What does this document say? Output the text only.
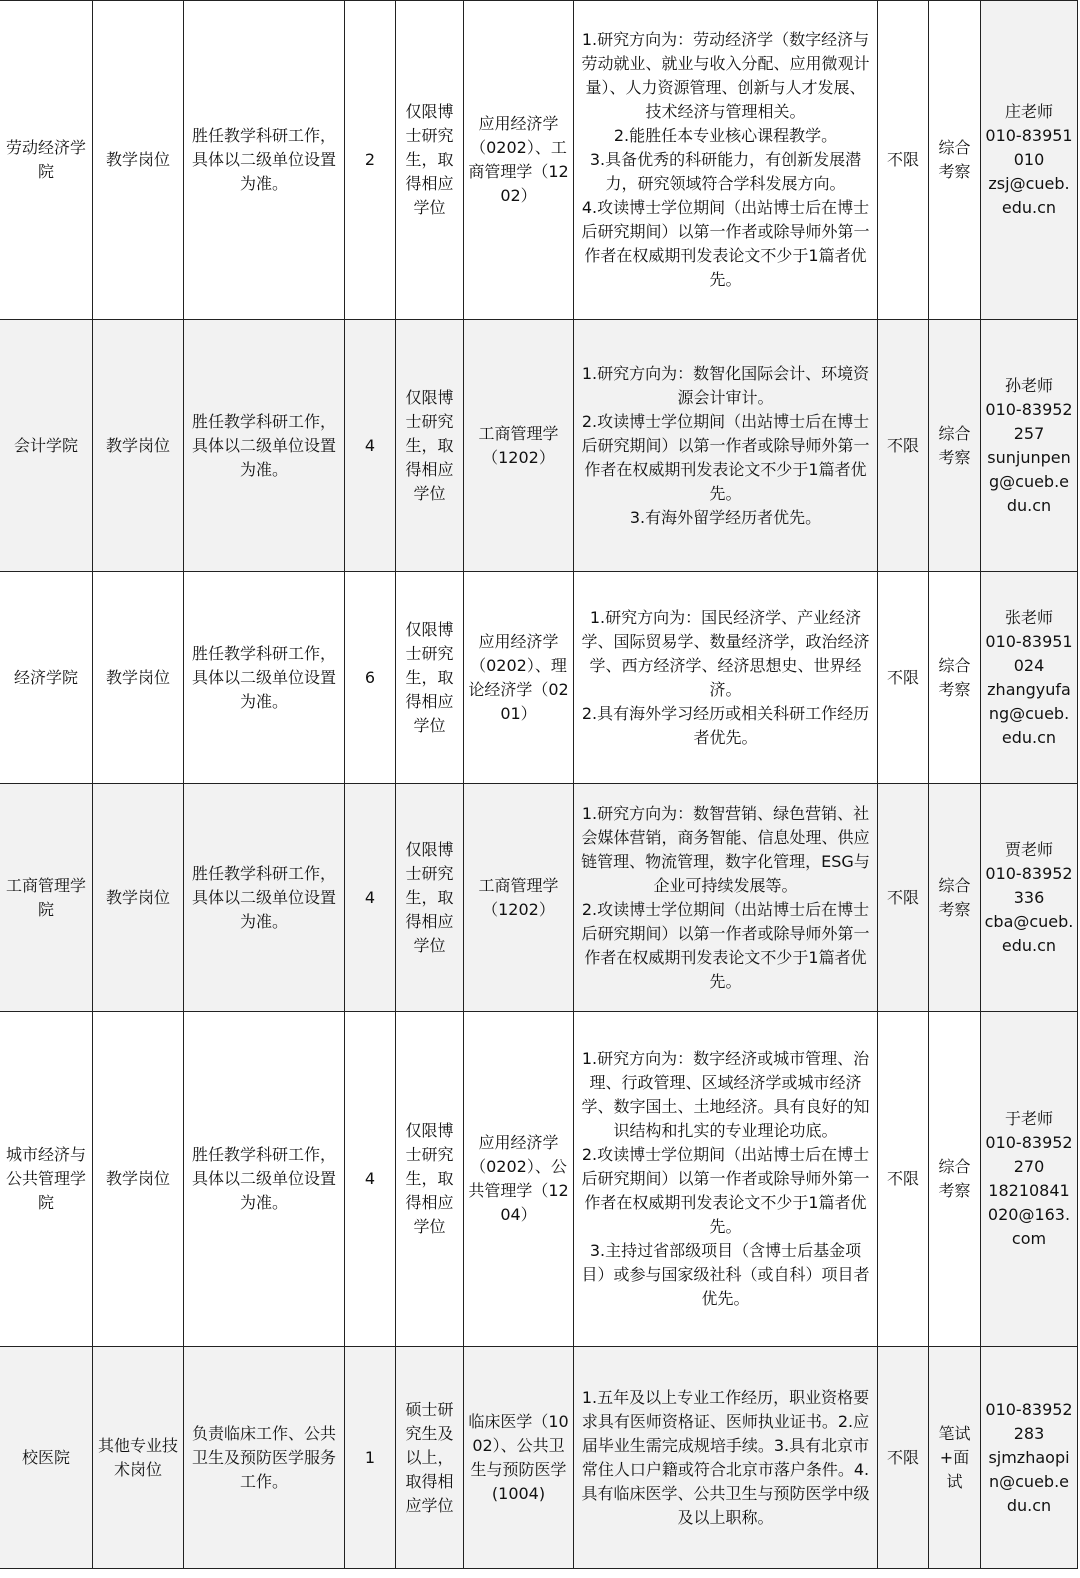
劳动经济学院	教学岗位	胜任教学科研工作，具体以二级单位设置为准。	2	仅限博士研究生，取得相应学位	应用经济学（0202）、工商管理学（1202）	1.研究方向为：劳动经济学（数字经济与劳动就业、就业与收入分配、应用微观计量）、人力资源管理、创新与人才发展、技术经济与管理相关。
2.能胜任本专业核心课程教学。
3.具备优秀的科研能力，有创新发展潜力，研究领域符合学科发展方向。
4.攻读博士学位期间（出站博士后在博士后研究期间）以第一作者或除导师外第一作者在权威期刊发表论文不少于1篇者优先。	不限	综合考察	庄老师
010-83951010
zsj@cueb.edu.cn

会计学院	教学岗位	胜任教学科研工作，具体以二级单位设置为准。	4	仅限博士研究生，取得相应学位	工商管理学（1202）	1.研究方向为：数智化国际会计、环境资源会计审计。
2.攻读博士学位期间（出站博士后在博士后研究期间）以第一作者或除导师外第一作者在权威期刊发表论文不少于1篇者优先。
3.有海外留学经历者优先。	不限	综合考察	孙老师
010-83952257
sunjunpeng@cueb.edu.cn

经济学院	教学岗位	胜任教学科研工作，具体以二级单位设置为准。	6	仅限博士研究生，取得相应学位	应用经济学（0202）、理论经济学（0201）	1.研究方向为：国民经济学、产业经济学、国际贸易学、数量经济学，政治经济学、西方经济学、经济思想史、世界经济。
2.具有海外学习经历或相关科研工作经历者优先。	不限	综合考察	张老师
010-83951024
zhangyufang@cueb.edu.cn

工商管理学院	教学岗位	胜任教学科研工作，具体以二级单位设置为准。	4	仅限博士研究生，取得相应学位	工商管理学（1202）	1.研究方向为：数智营销、绿色营销、社会媒体营销，商务智能、信息处理、供应链管理、物流管理，数字化管理，ESG与企业可持续发展等。
2.攻读博士学位期间（出站博士后在博士后研究期间）以第一作者或除导师外第一作者在权威期刊发表论文不少于1篇者优先。	不限	综合考察	贾老师
010-83952336
cba@cueb.edu.cn

城市经济与公共管理学院	教学岗位	胜任教学科研工作，具体以二级单位设置为准。	4	仅限博士研究生，取得相应学位	应用经济学（0202）、公共管理学（1204）	1.研究方向为：数字经济或城市管理、治理、行政管理、区域经济学或城市经济学、数字国土、土地经济。具有良好的知识结构和扎实的专业理论功底。
2.攻读博士学位期间（出站博士后在博士后研究期间）以第一作者或除导师外第一作者在权威期刊发表论文不少于1篇者优先。
3.主持过省部级项目（含博士后基金项目）或参与国家级社科（或自科）项目者优先。	不限	综合考察	于老师
010-83952270
18210841020@163.com

校医院	其他专业技术岗位	负责临床工作、公共卫生及预防医学服务工作。	1	硕士研究生及以上，取得相应学位	临床医学（1002）、公共卫生与预防医学(1004)	1.五年及以上专业工作经历，职业资格要求具有医师资格证、医师执业证书。2.应届毕业生需完成规培手续。3.具有北京市常住人口户籍或符合北京市落户条件。4.具有临床医学、公共卫生与预防医学中级及以上职称。	不限	笔试+面试	010-83952283
sjmzhaopin@cueb.edu.cn
